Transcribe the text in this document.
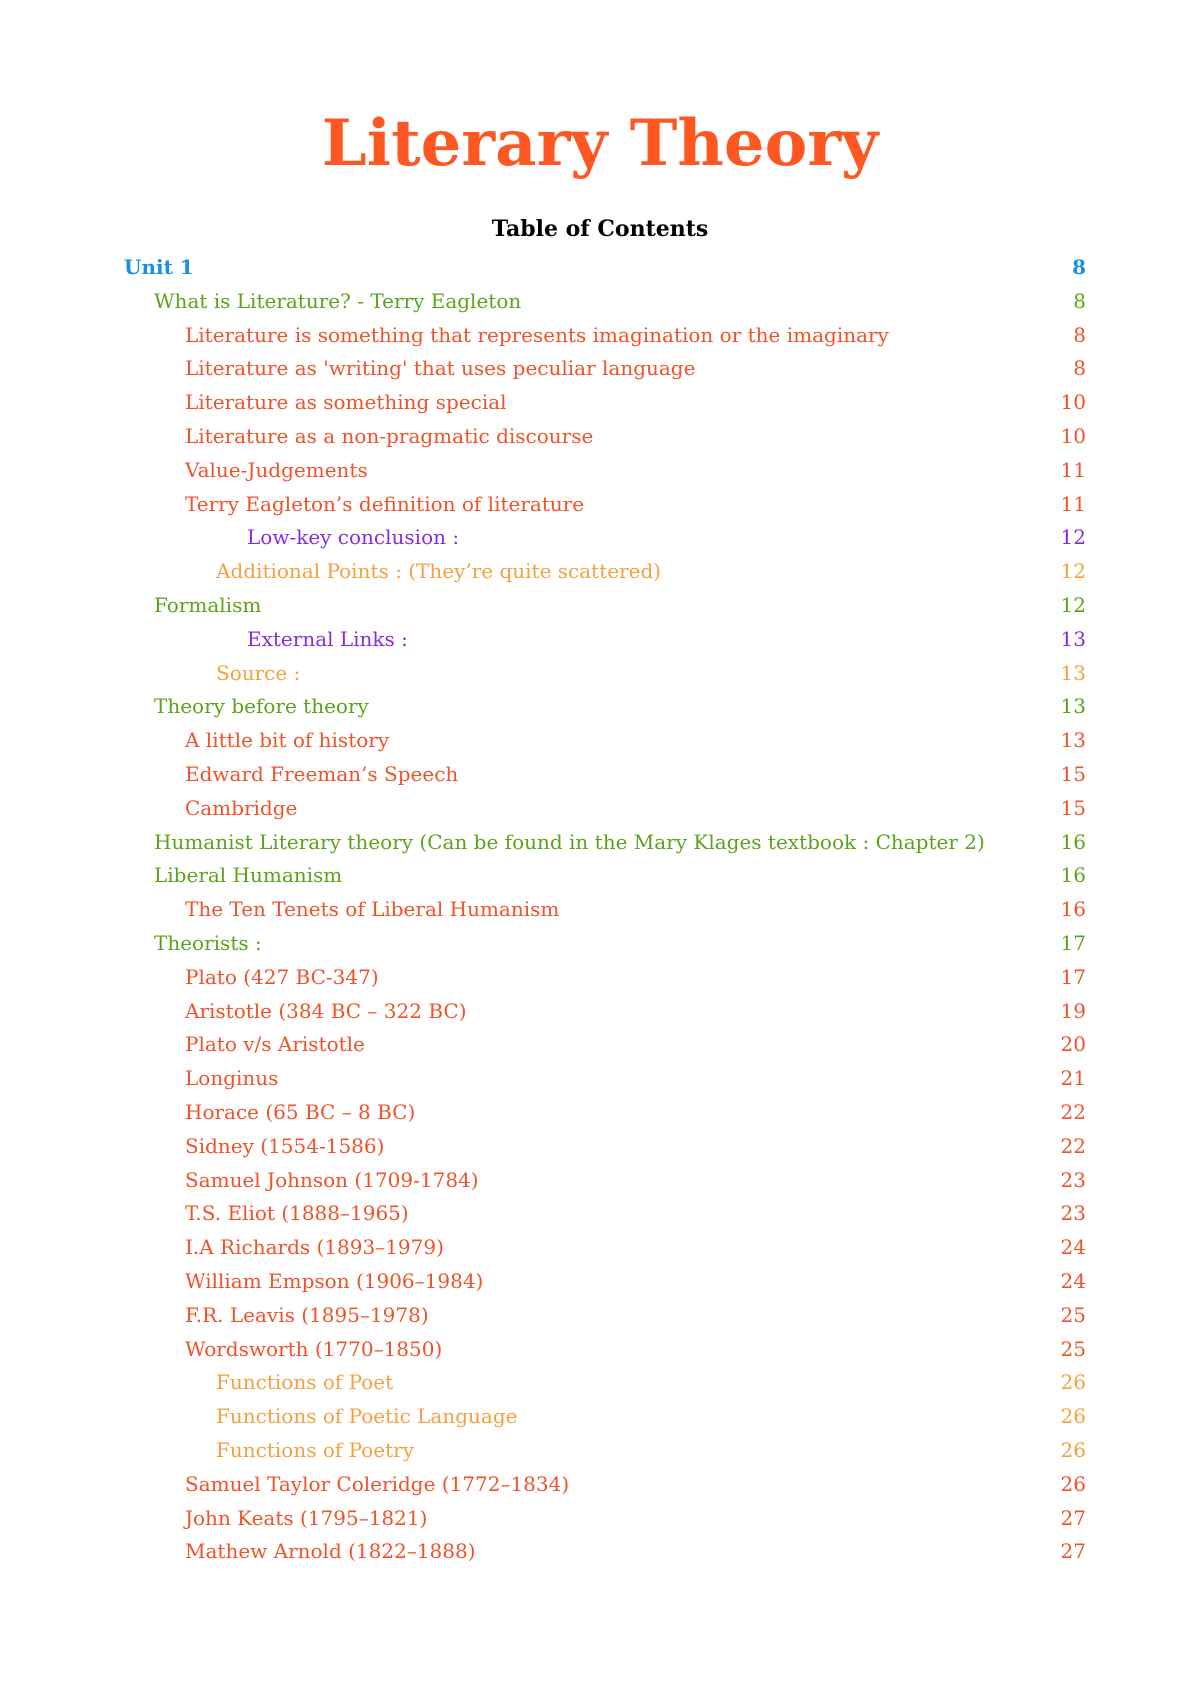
Literary Theory
Table of Contents
Unit 1	8
What is Literature? - Terry Eagleton	8
Literature is something that represents imagination or the imaginary	8
Literature as 'writing' that uses peculiar language	8
Literature as something special	10
Literature as a non-pragmatic discourse	10
Value-Judgements	11
Terry Eagleton’s definition of literature	11
Low-key conclusion :	12
Additional Points : (They’re quite scattered)	12
Formalism	12
External Links :	13
Source :	13
Theory before theory	13
A little bit of history	13
Edward Freeman’s Speech	15
Cambridge	15
Humanist Literary theory (Can be found in the Mary Klages textbook : Chapter 2)	16
Liberal Humanism	16
The Ten Tenets of Liberal Humanism	16
Theorists :	17
Plato (427 BC-347)	17
Aristotle (384 BC – 322 BC)	19
Plato v/s Aristotle	20
Longinus	21
Horace (65 BC – 8 BC)	22
Sidney (1554-1586)	22
Samuel Johnson (1709-1784)	23
T.S. Eliot (1888–1965)	23
I.A Richards (1893–1979)	24
William Empson (1906–1984)	24
F.R. Leavis (1895–1978)	25
Wordsworth (1770–1850)	25
Functions of Poet	26
Functions of Poetic Language	26
Functions of Poetry	26
Samuel Taylor Coleridge (1772–1834)	26
John Keats (1795–1821)	27
Mathew Arnold (1822–1888)	27
